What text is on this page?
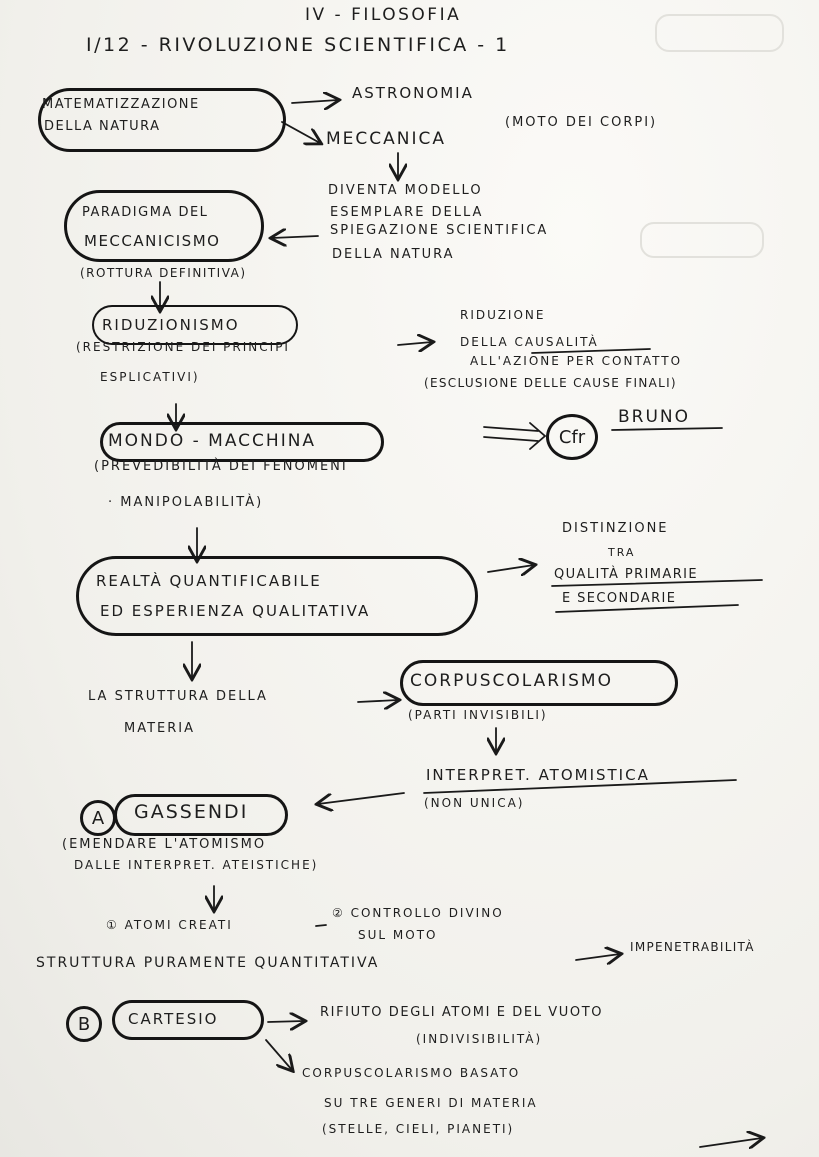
IV - FILOSOFIA
I/12 - RIVOLUZIONE SCIENTIFICA - 1
MATEMATIZZAZIONE
DELLA NATURA
ASTRONOMIA
MECCANICA
(MOTO DEI CORPI)
DIVENTA MODELLO
ESEMPLARE DELLA
SPIEGAZIONE SCIENTIFICA
DELLA NATURA
PARADIGMA DEL
MECCANICISMO
(ROTTURA DEFINITIVA)
RIDUZIONISMO
(RESTRIZIONE DEI PRINCIPI
ESPLICATIVI)
RIDUZIONE
DELLA CAUSALITÀ
ALL'AZIONE PER CONTATTO
(ESCLUSIONE DELLE CAUSE FINALI)
MONDO - MACCHINA	Cfr
BRUNO
(PREVEDIBILITÀ DEI FENOMENI
· MANIPOLABILITÀ)
REALTÀ QUANTIFICABILE
ED ESPERIENZA QUALITATIVA
DISTINZIONE
TRA
QUALITÀ PRIMARIE
E SECONDARIE
LA STRUTTURA DELLA
MATERIA
CORPUSCOLARISMO
(PARTI INVISIBILI)
INTERPRET. ATOMISTICA
(NON UNICA)
A GASSENDI
(EMENDARE L'ATOMISMO
DALLE INTERPRET. ATEISTICHE)
① ATOMI CREATI
② CONTROLLO DIVINO
SUL MOTO
STRUTTURA PURAMENTE QUANTITATIVA
IMPENETRABILITÀ
B	CARTESIO	RIFIUTO DEGLI ATOMI E DEL VUOTO
(INDIVISIBILITÀ)
CORPUSCOLARISMO BASATO
SU TRE GENERI DI MATERIA
(STELLE, CIELI, PIANETI)
